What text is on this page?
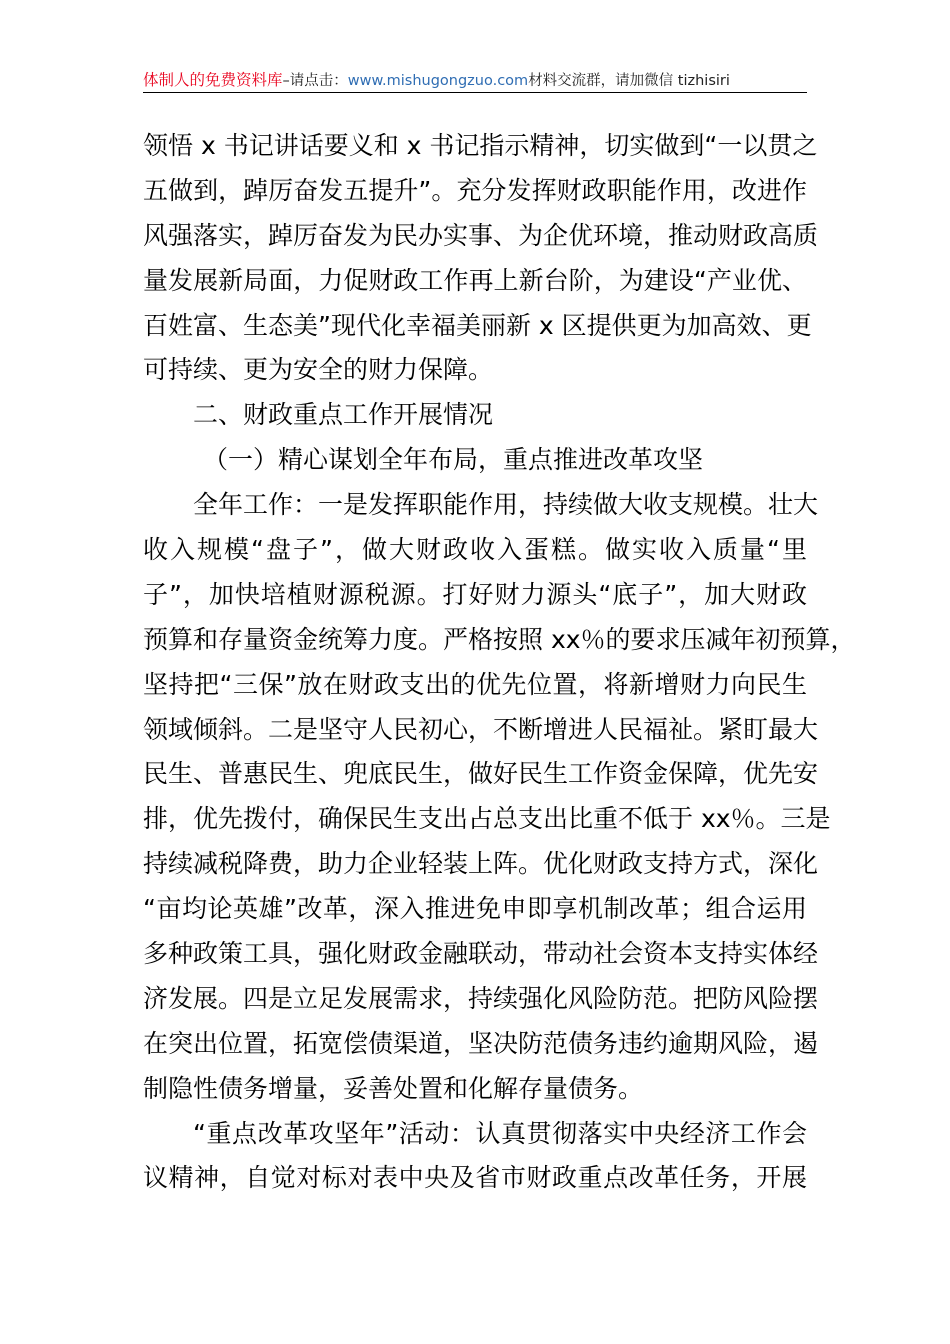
体制人的免费资料库–请点击：www.mishugongzuo.com材料交流群，请加微信 tizhisiri
领悟 x 书记讲话要义和 x 书记指示精神，切实做到“一以贯之
五做到，踔厉奋发五提升”。充分发挥财政职能作用，改进作
风强落实，踔厉奋发为民办实事、为企优环境，推动财政高质
量发展新局面，力促财政工作再上新台阶，为建设“产业优、
百姓富、生态美”现代化幸福美丽新 x 区提供更为加高效、更
可持续、更为安全的财力保障。
二、财政重点工作开展情况
（一）精心谋划全年布局，重点推进改革攻坚
全年工作：一是发挥职能作用，持续做大收支规模。壮大
收入规模“盘子”，做大财政收入蛋糕。做实收入质量“里
子”，加快培植财源税源。打好财力源头“底子”，加大财政
预算和存量资金统筹力度。严格按照 xx％的要求压减年初预算，
坚持把“三保”放在财政支出的优先位置，将新增财力向民生
领域倾斜。二是坚守人民初心，不断增进人民福祉。紧盯最大
民生、普惠民生、兜底民生，做好民生工作资金保障，优先安
排，优先拨付，确保民生支出占总支出比重不低于 xx％。三是
持续减税降费，助力企业轻装上阵。优化财政支持方式，深化
“亩均论英雄”改革，深入推进免申即享机制改革；组合运用
多种政策工具，强化财政金融联动，带动社会资本支持实体经
济发展。四是立足发展需求，持续强化风险防范。把防风险摆
在突出位置，拓宽偿债渠道，坚决防范债务违约逾期风险，遏
制隐性债务增量，妥善处置和化解存量债务。
“重点改革攻坚年”活动：认真贯彻落实中央经济工作会
议精神，自觉对标对表中央及省市财政重点改革任务，开展
